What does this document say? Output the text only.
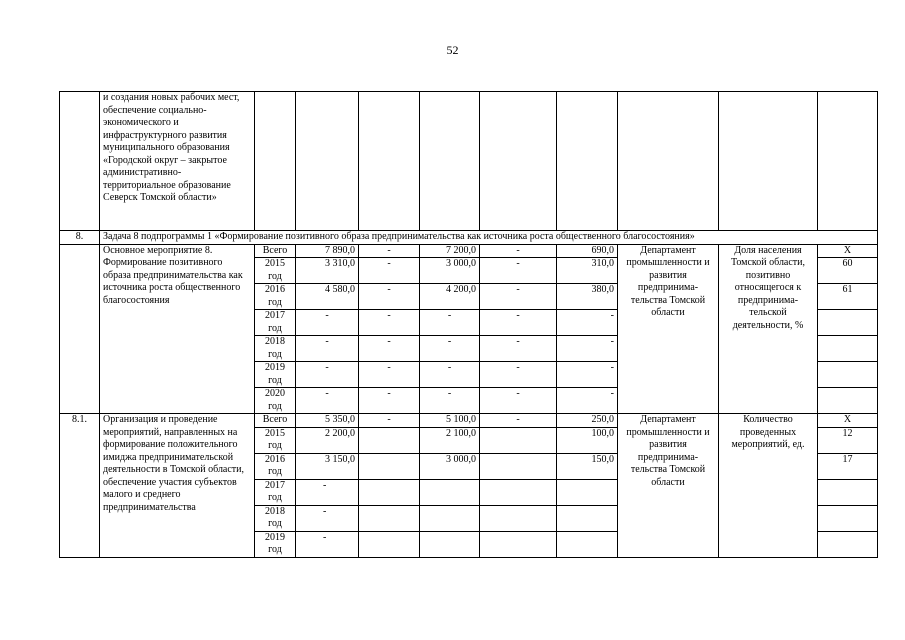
52
	и создания новых рабочих мест, обеспечение социально-экономического и инфраструктурного развития муниципального образования «Городской округ – закрытое административно-территориальное образование Северск Томской области»									
8.	Задача 8 подпрограммы 1 «Формирование позитивного образа предпринимательства как источника роста общественного благосостояния»									
	Основное мероприятие 8. Формирование позитивного образа предпринимательства как источника роста общественного благосостояния	Всего	7 890,0	-	7 200,0	-	690,0	Департамент промышленности и развития предпринима-тельства Томской области	Доля населения Томской области, позитивно относящегося к предпринима-тельской деятельности, %	X
		2015 год	3 310,0	-	3 000,0	-	310,0			60
		2016 год	4 580,0	-	4 200,0	-	380,0			61
		2017 год	-	-	-	-	-			
		2018 год	-	-	-	-	-			
		2019 год	-	-	-	-	-			
		2020 год	-	-	-	-	-			
8.1.	Организация и проведение мероприятий, направленных на формирование положительного имиджа предпринимательской деятельности в Томской области, обеспечение участия субъектов малого и среднего предпринимательства	Всего	5 350,0	-	5 100,0	-	250,0	Департамент промышленности и развития предпринима-тельства Томской области	Количество проведенных мероприятий, ед.	X
		2015 год	2 200,0		2 100,0		100,0			12
		2016 год	3 150,0		3 000,0		150,0			17
		2017 год	-							
		2018 год	-							
		2019 год	-							
